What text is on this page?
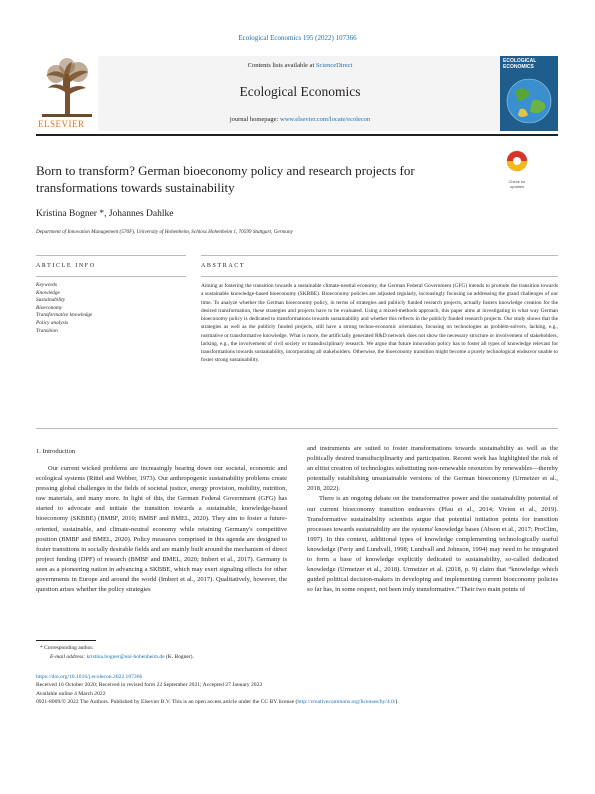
Ecological Economics 195 (2022) 107366
ELSEVIER
Contents lists available at ScienceDirect
Ecological Economics
journal homepage: www.elsevier.com/locate/ecolecon
ECOLOGICAL ECONOMICS
Born to transform? German bioeconomy policy and research projects for
transformations towards sustainability	Check for updates
Kristina Bogner *, Johannes Dahlke
Department of Innovation Management (570F), University of Hohenheim, Schloss Hohenheim 1, 70599 Stuttgart, Germany
ARTICLE INFO	ABSTRACT
Keywords
Knowledge
Sustainability
Bioeconomy
Transformative knowledge
Policy analysis
Transition
Aiming at fostering the transition towards a sustainable climate-neutral economy, the German Federal Government (GFG) intends to promote the transition towards a sustainable knowledge-based bioeconomy (SKBBE). Bioeconomy policies are adjusted regularly, increasingly focusing on addressing the grand challenges of our time. To analyze whether the German bioeconomy policy, in terms of strategies and publicly funded research projects, actually fosters knowledge creation for the desired transformation, these strategies and projects have to be evaluated. Using a mixed-methods approach, this paper aims at investigating in what way German bioeconomy policy is dedicated to transformations towards sustainability and whether this reflects in the publicly funded research projects. Our study shows that the strategies as well as the publicly funded projects, still have a strong techno-economic orientation, focusing on technologies as problem-solvers, lacking, e.g., normative or transformative knowledge. What is more, the artificially generated R&D network does not show the necessary structure or involvement of stakeholders, lacking, e.g., the involvement of civil society or transdisciplinary research. We argue that future innovation policy has to foster all types of knowledge relevant for transformations towards sustainability, incorporating all stakeholders. Otherwise, the bioeconomy transition might become a purely technological endeavor unable to foster strong sustainability.
1. Introduction

Our current wicked problems are increasingly bearing down our societal, economic and ecological systems (Rittel and Webber, 1973). Our anthropogenic sustainability problems create pressing global challenges in the fields of societal justice, energy provision, mobility, nutrition, raw materials, and many more. In light of this, the German Federal Government (GFG) has started to advocate and initiate the transition towards a sustainable, knowledge-based bioeconomy (SKBBE) (BMBF, 2010; BMBF and BMEL, 2020). They aim to foster a future-oriented, sustainable, and climate-neutral economy while retaining Germany's competitive position (BMBF and BMEL, 2020). Policy measures comprised in this agenda are designed to foster transitions in socially desirable fields and are mainly built around the mechanism of direct project funding (DPF) of research (BMBF and BMEL, 2020; Imbert et al., 2017). Germany is seen as a pioneering nation in advancing a SKBBE, which may exert signaling effects for other governments in Europe and around the world (Imbert et al., 2017). Qualitatively, however, the question arises whether the policy strategies

and instruments are suited to foster transformations towards sustainability as well as the politically desired transdisciplinarity and participation. Recent work has highlighted the risk of an elitist creation of technologies substituting non-renewable resources by renewables—thereby potentially establishing unsustainable versions of the German bioeconomy (Urmetzer et al., 2018, 2022).

There is an ongoing debate on the transformative power and the sustainability potential of our current bioeconomy transition endeavors (Pfau et al., 2014; Vivien et al., 2019). Transformative sustainability scientists argue that potential initiation points for transition processes towards sustainability are the systems' knowledge bases (Abson et al., 2017; ProClim, 1997). In this context, additional types of knowledge complementing technologically useful knowledge (Feriy and Lundvall, 1998; Lundvall and Johnson, 1994) may need to be integrated to form a base of knowledge explicitly dedicated to sustainability, so-called dedicated knowledge (Urmetzer et al., 2018). Urmetzer et al. (2018, p. 9) claim that “knowledge which guided political decision-makers in developing and implementing current bioeconomy policies so far has, in some respect, not been truly transformative.” Their two main points of

* Corresponding author.
E-mail address: kristina.bogner@uni-hohenheim.de (K. Bogner).
https://doi.org/10.1016/j.ecolecon.2022.107366
Received 16 October 2020; Received in revised form 22 September 2021; Accepted 27 January 2022
Available online 4 March 2022
0921-8009/© 2022 The Authors. Published by Elsevier B.V. This is an open access article under the CC BY license (http://creativecommons.org/licenses/by/4.0/).
